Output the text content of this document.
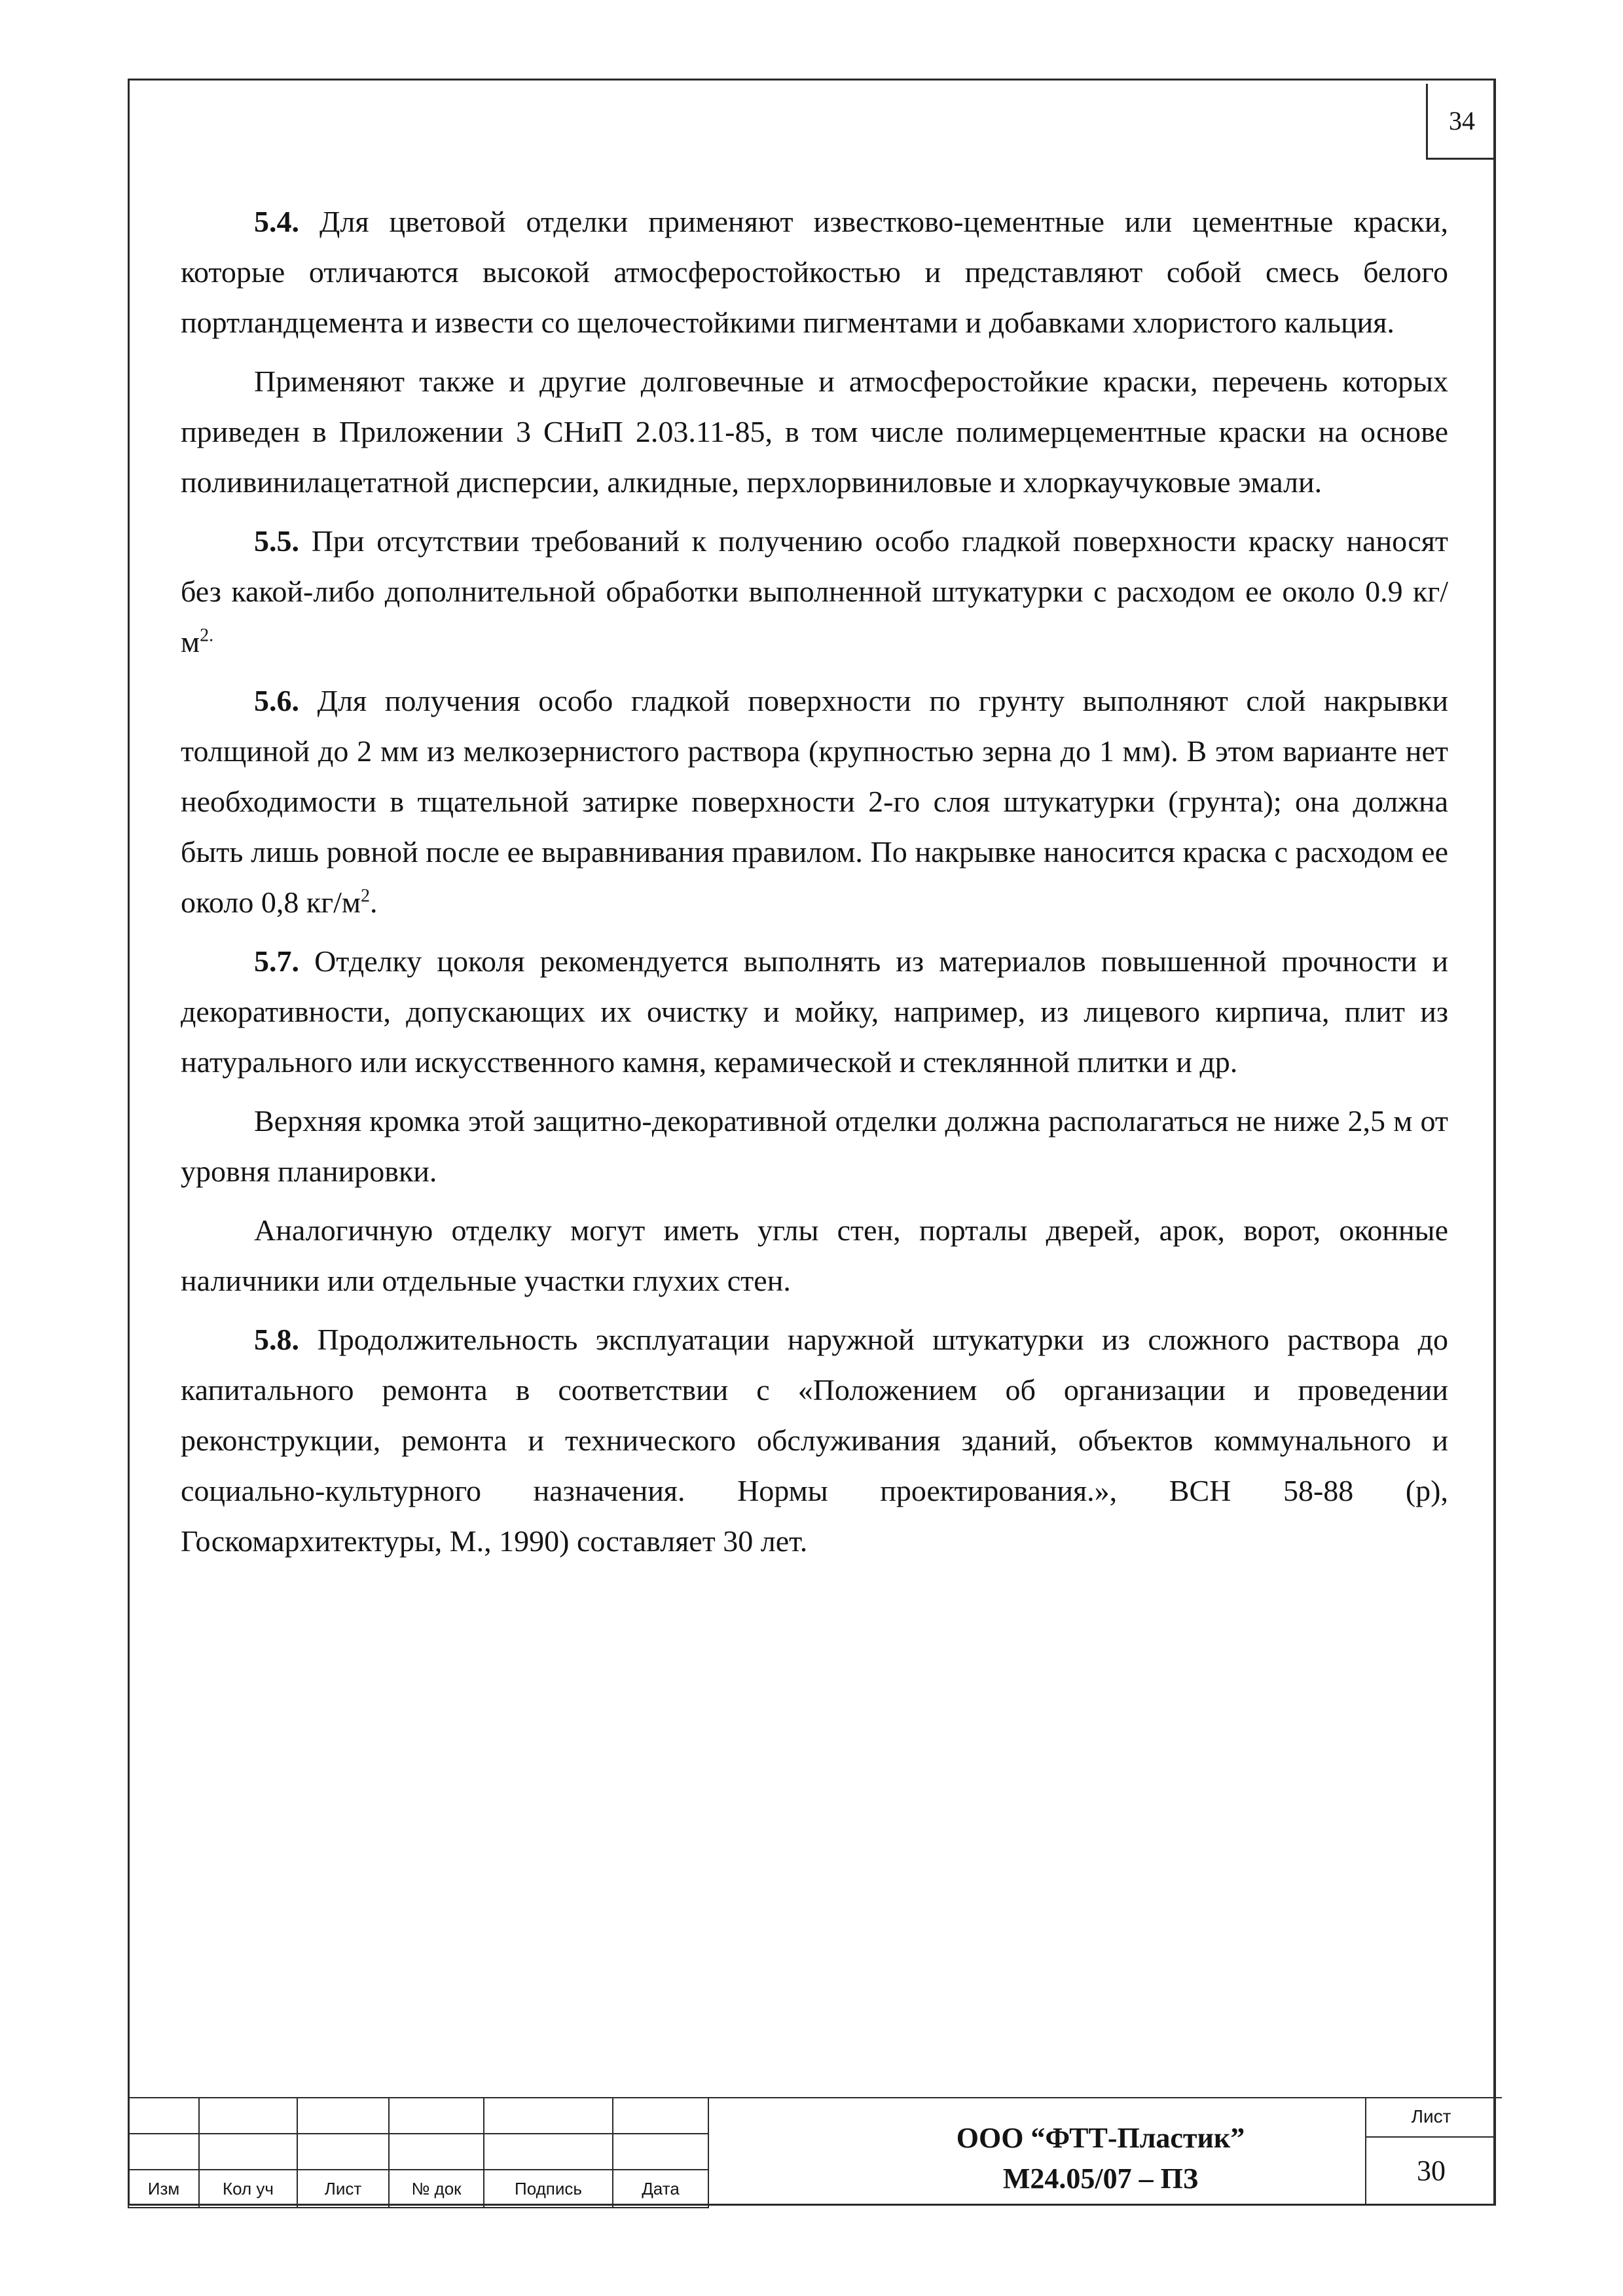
34

5.4. Для цветовой отделки применяют известково-цементные или цементные краски, которые отличаются высокой атмосферостойкостью и представляют собой смесь белого портландцемента и извести со щелочестойкими пигментами и добавками хлористого кальция.

Применяют также и другие долговечные и атмосферостойкие краски, перечень которых приведен в Приложении 3 СНиП 2.03.11-85, в том числе полимерцементные краски на основе поливинилацетатной дисперсии, алкидные, перхлорвиниловые и хлоркаучуковые эмали.

5.5. При отсутствии требований к получению особо гладкой поверхности краску наносят без какой-либо дополнительной обработки выполненной штукатурки с расходом ее около 0.9 $кг/м^{2.}$

5.6. Для получения особо гладкой поверхности по грунту выполняют слой накрывки толщиной до 2 мм из мелкозернистого раствора (крупностью зерна до 1 мм). В этом варианте нет необходимости в тщательной затирке поверхности 2-го слоя штукатурки (грунта); она должна быть лишь ровной после ее выравнивания правилом. По накрывке наносится краска с расходом ее около 0,8 $кг/м^2$.

5.7. Отделку цоколя рекомендуется выполнять из материалов повышенной прочности и декоративности, допускающих их очистку и мойку, например, из лицевого кирпича, плит из натурального или искусственного камня, керамической и стеклянной плитки и др.

Верхняя кромка этой защитно-декоративной отделки должна располагаться не ниже 2,5 м от уровня планировки.

Аналогичную отделку могут иметь углы стен, порталы дверей, арок, ворот, оконные наличники или отдельные участки глухих стен.

5.8. Продолжительность эксплуатации наружной штукатурки из сложного раствора до капитального ремонта в соответствии с «Положением об организации и проведении реконструкции, ремонта и технического обслуживания зданий, объектов коммунального и социально-культурного назначения. Нормы проектирования.», ВСН 58-88 (р), Госкомархитектуры, М., 1990) составляет 30 лет.

Изм	Кол уч	Лист	№ док	Подпись	Дата
ООО “ФТТ-Пластик”
М24.05/07 – ПЗ
Лист
30
